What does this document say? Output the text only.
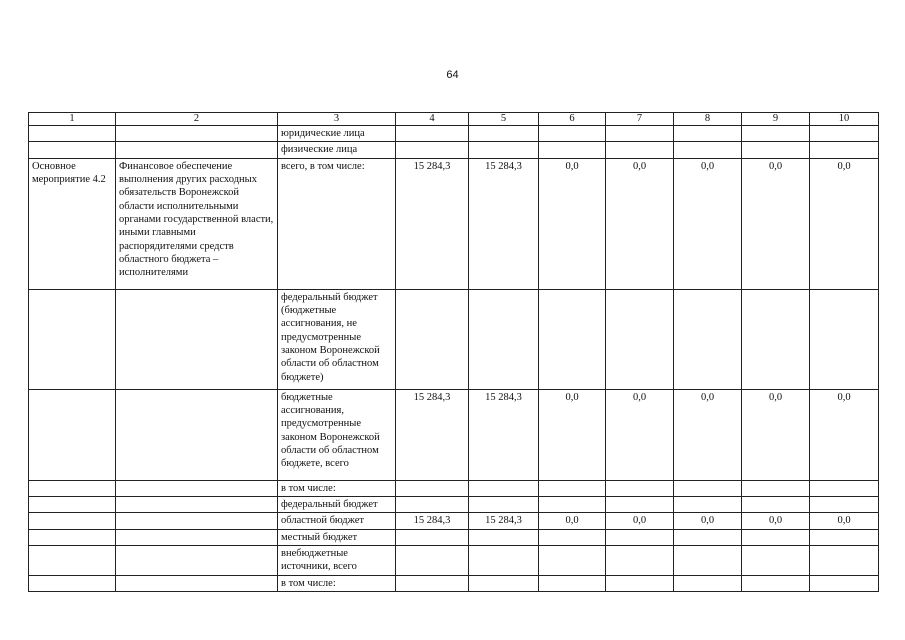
64
1	2	3	4	5	6	7	8	9	10
		юридические лица							
		физические лица							
Основное мероприятие 4.2	Финансовое обеспечение выполнения других расходных обязательств Воронежской области исполнительными органами государственной власти, иными главными распорядителями средств областного бюджета – исполнителями	всего, в том числе:	15 284,3	15 284,3	0,0	0,0	0,0	0,0	0,0
		федеральный бюджет (бюджетные ассигнования, не предусмотренные законом Воронежской области об областном бюджете)							
		бюджетные ассигнования, предусмотренные законом Воронежской области об областном бюджете, всего	15 284,3	15 284,3	0,0	0,0	0,0	0,0	0,0
		в том числе:							
		федеральный бюджет							
		областной бюджет	15 284,3	15 284,3	0,0	0,0	0,0	0,0	0,0
		местный бюджет							
		внебюджетные источники, всего							
		в том числе:							
